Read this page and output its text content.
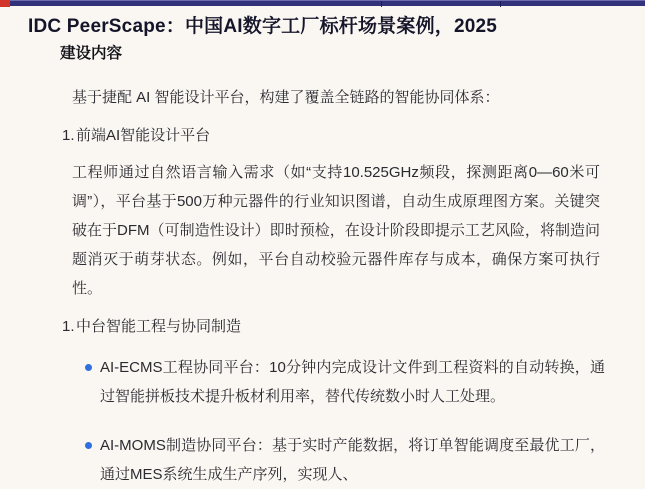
IDC PeerScape：中国AI数字工厂标杆场景案例，2025
建设内容

基于捷配 AI 智能设计平台，构建了覆盖全链路的智能协同体系：

1. 前端AI智能设计平台

工程师通过自然语言输入需求（如“支持10.525GHz频段，探测距离0—60米可调”），平台基于500万种元器件的行业知识图谱，自动生成原理图方案。关键突破在于DFM（可制造性设计）即时预检，在设计阶段即提示工艺风险，将制造问题消灭于萌芽状态。例如，平台自动校验元器件库存与成本，确保方案可执行性。

1. 中台智能工程与协同制造
AI-ECMS工程协同平台：10分钟内完成设计文件到工程资料的自动转换，通过智能拼板技术提升板材利用率，替代传统数小时人工处理。
AI-MOMS制造协同平台：基于实时产能数据，将订单智能调度至最优工厂，通过MES系统生成生产序列，实现人、
